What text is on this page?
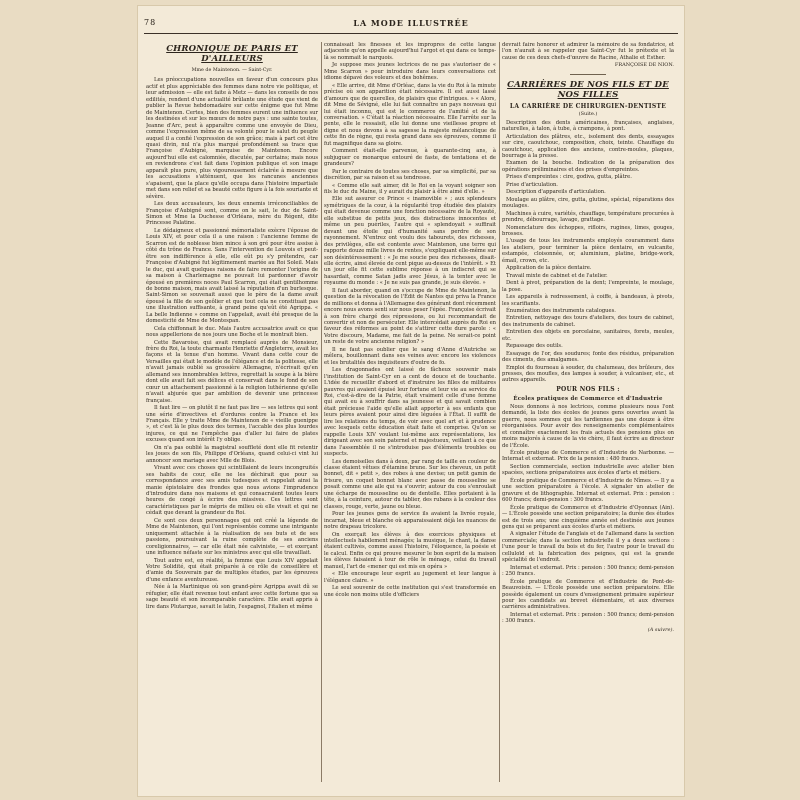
78	LA MODE ILLUSTRÉE
CHRONIQUE DE PARIS ET D'AILLEURS
Mme de Maintenon. — Saint-Cyr.

Les préoccupations nouvelles en faveur d'un concours plus actif et plus appréciable des femmes dans notre vie politique, et leur admission — elle est faite à Metz — dans les conseils de nos edilités, rendent d'une actualité brûlante une étude que vient de publier la Revue hebdomadaire sur cette énigme que fut Mme de Maintenon. Certes, bien des femmes eurent une influence sur les destinées et sur les mœurs de notre pays : une sainte toutes, Jeanne d'Arc, peut à apparaître comme une envoyée de Dieu, comme l'expression même de sa volonté pour le salut du peuple auquel il a confié l'expression de son grâce; mais à part cet être quasi divin, nul n'a plus marqué profondément sa trace que Françoise d'Aubigné, marquise de Maintenon. Encore aujourd'hui elle est calomniée, discutée, par certains; mais nous en reviendrons c'est fait dans l'opinion publique et son image apparaît plus pure, plus vigoureusement éclairée à mesure que les accusations s'atténuent, que les rancunes anciennes s'apaisent, que la place qu'elle occupa dans l'histoire impartiale met dans son relief et sa beauté cette figure à la fois souriante et sévère.

Les deux accusateurs, les deux ennemis irréconciliables de Françoise d'Aubigné sont, comme on le sait, le duc de Saint-Simon et Mme la Duchesse d'Orléans, mère du Régent, dite Princesse Palatine.

Le dédaigneux et passionné mémorialiste exècre l'épouse de Louis XIV, et pour cela il a une raison : l'ancienne femme de Scarron est de noblesse bien mince à son gré pour être assise à côté du trône de France. Sans l'intervention de Louvois et peut-être son indifférence à elle, elle eût pu s'y prétendre, car Françoise d'Aubigné fut légitimement mariée au Roi Soleil. Mais le duc, qui avait quelques raisons de faire remonter l'origine de sa maison à Charlemagne ne pouvait lui pardonner d'avoir épousé en premières noces Paul Scarron, qui était gentilhomme de bonne maison, mais avait laissé la réputation d'un burlesque. Saint-Simon se souvenait aussi que le père de la dame avait épousé la fille de son geôlier et que tout cela ne constituait pas une illustration suffisante, à grand peine qu'eût été Agrippa. « La belle Indienne » comme on l'appelait, avait été presque de la domesticité de Mme de Montespan.

Cela chiffonnait le duc. Mais l'autre accusatrice avait ce que nous appellerions de nos jours une Boche et le montrait bien.

Cette Bavaroise, qui avait remplacé auprès de Monsieur, frère du Roi, la toute charmante Henriette d'Angleterre, avait les façons et la tenue d'un homme. Vivant dans cette cour de Versailles qui était le modèle de l'élégance et de la politesse, elle n'avait jamais oublié sa grossière Allemagne, n'écrivait qu'en allemand ses innombrables lettres, regrettait la soupe à la bière dont elle avait fait ses délices et conservait dans le fond de son cœur un attachement passionné à la religion luthérienne qu'elle n'avait abjurée que par ambition de devenir une princesse française.

Il faut lire — on plutôt il ne faut pas lire — ses lettres qui sont une série d'invectives et d'ordures contre la France et les Français. Elle y traite Mme de Maintenon de « vieille guenippe », et c'est là le plus doux des termes, l'accable des plus lourdes injures, ce qui ne l'empêche pas d'aller lui faire de plates excuses quand son intérêt l'y oblige.

On n'a pas oublié la magistral souffleté dont elle fit retentir les joues de son fils, Philippe d'Orléans, quand celui-ci vint lui annoncer son mariage avec Mlle de Blois.

Vivant avec ces choses qui scintillaient de leurs incongruités ses habits de cour, elle ne les déchirait que pour sa correspondance avec ses amis tudesques et rappelait ainsi la manie épistolaire des frondes que nous avions l'imprudence d'introduire dans nos maisons et qui consacraient toutes leurs heures de congé à écrire des missives. Ces lettres sont caractéristiques par le mépris de milieu où elle vivait et qui ne cédait que devant la grandeur du Roi.

Ce sont ces deux personnages qui ont créé la légende de Mme de Maintenon, qui l'ont représentée comme une intrigante uniquement attachée à la réalisation de ses buts et de ses passions, poursuivant la ruine complète de ses anciens coreligionnaires, — car elle était née calviniste, — et exerçant une influence néfaste sur les ministres avec qui elle travaillait.

Tout autre est, en réalité, la femme que Louis XIV appelait Votre Solidité, qui était préparée à ce rôle de conseillère et d'amie du Souverain par de multiples études, par les épreuves d'une enfance aventureuse.

Née à la Martinique où son grand-père Agrippa avait dû se réfugier, elle était revenue tout enfant avec cette fortune que sa sage beauté et son incomparable caractère. Elle avait appris à lire dans Plutarque, savait le latin, l'espagnol, l'italien et même

connaissait les finesses et les impropres de cette langue adjacente qu'on appelle aujourd'hui l'argot et qui dans ce temps-là se nommait le narquois.

Je suppose mes jeunes lectrices de ne pas s'autoriser de « Mme Scarron » pour introduire dans leurs conversations cet idiome dépavé des voleurs et des bohêmes.

« Elle arrive, dit Mme d'Orléac, dans la vie du Roi à la minute précise où son apparition était nécessaire. Il est aussi lassé d'amours que de querelles, de plaisirs que d'intrigues. » « Alors, dit Mme de Sévigné, elle lui fait connaître un pays nouveau qui lui était inconnu, qui est le commerce de l'amitié et de la conversation. » C'était la réaction nécessaire. Elle l'arrête sur la pente, elle le ressaisit, elle lui donne une vieillesse propre et digne et nous devons à sa sagesse la majeste mélancolique de cette fin de règne, qui resta grand dans ses épreuves, comme il fut magnifique dans sa gloire.

Comment était-elle parvenue, à quarante-cinq ans, à subjuguer ce monarque entouré de faste, de tentations et de grandeurs?

Par le contraire de toutes ses choses, par sa simplicité, par sa discrétion, par sa raison et sa tendresse.

« Comme elle sait aimer, dit le Roi en la voyant soigner son fils le duc du Maine, il y aurait du plaisir à être aimé d'elle. »

Elle sut assurer ce Prince « inamovible » ; aux splendeurs symétriques de la cour, à la régularité trop étudiée des plaisirs qui était devenue comme une fonction nécessaire de la Royauté, elle substitue de petits jeux, des distractions innocentes et même un peu puériles, l'autre qui « splendoyait » suffirait devant une étoile qui d'humanité sans perdre de son rayonnement. N'entrez ont voulu des tabourets, des richesses, des privilèges, elle est contente avec Maintenon, une terre qui rapporte douze mille livres de rentes, s'expliquant elle-même sur son désintéressement : « Je me soucie peu des richesses, disait-elle écrire, ainsi élevée de cent pique au-dessus de l'intérêt. » Et un jour elle fit cette sublime réponse à un indiscret qui se hasardait, comme Satan jadis avec Jésus, à la tenter avec le royaume du monde : « Je ne suis pas grande, je suis élevée. »

Il faut aborder, quand on s'occupe de Mme de Maintenon, la question de la révocation de l'Édit de Nantes qui priva la France de millions et donna à l'Allemagne des générant dont récemment encore nous avons senti sur nous peser l'épée. Françoise écrivait à son frère chargé des répressions, ou lui recommandait de convertir et non de persécuter. Elle intercédait auprès du Roi en faveur des réformes au point de s'attirer cette dure parole : « Votre discours, Madame, me fait de la peine. Ne serait-ce point un reste de votre ancienne religion? »

Il ne faut pas oublier que le sang d'Anne d'Autriche se mêlera, bouillonnant dans ses veines avec encore les violences et les brutalités des inquisiteurs d'outre de fo.

Les dragonnades ont laissé de fâcheux souvenir mais l'institution de Saint-Cyr en a cent de douce et de touchante. L'idée de recueillir d'abord et d'instruire les filles de militaires pauvres qui avaient épuisé leur fortune et leur vie au service du Roi, c'est-à-dire de la Patrie, était vraiment celle d'une femme qui avait eu à souffrir dans sa jeunesse et qui savait combien était précieuse l'aide qu'elle allait apporter à ses enfants que leurs pères avaient pour ainsi dire léguées à l'État. Il suffit de lire les relations du temps, de voir avec quel art et à prudence avec lesquels cette éducation était faite et comprise. Qu'on se rappelle Louis XIV voulant lui-même aux représentations, les dirigeant avec son soin paternel et majestueux, veillant à ce que dans l'assemblée il ne s'introduise pas d'éléments troubles ou suspects.

Les demoiselles dans à deux, par rang de taille en couleur de classe étaient vêtues d'étamine brune. Sur les cheveux, un petit bonnet, dit « petit », des robes à une devise; un petit gamin de frisure, un coquet bonnet blanc avec passe de mousseline se posait comme une aile qui va s'ouvrir; autour du cou s'enroulait une écharpe de mousseline ou de dentelle. Elles portaient à la tête, à la ceinture, autour du tablier, des rubans à la couleur des classes, rouge, verte, jaune ou bleue.

Pour les jeunes gens de service ils avaient la livrée royale, incarnat, bleue et blanche où apparaissaient déjà les nuances de notre drapeau tricolore.

On exerçait les élèves à des exercices physiques et intellectuels habilement ménagés; la musique, le chant, la danse étaient cultivés, comme aussi l'histoire, l'éloquence, la poésie et le calcul. Enfin ce qui prouve mesurer le bon esprit de la maison les élèves faisaient à tour de rôle le ménage, celui du travail manuel, l'art de «mener qui est mis en opéra »

« Elle encourage leur esprit au jugement et leur langue à l'élégance claire. »

Le seul souvenir de cette institution qui s'est transformée en une école non moins utile d'officiers

devrait faire honorer et admirer la mémoire de sa fondatrice, et l'on n'aurait à se rappeler que Saint-Cyr fut le prétexte et la cause de ces deux chefs-d'œuvre de Racine, Athalie et Esther.

FRANÇOISE DE NION.
CARRIÈRES DE NOS FILS ET DE NOS FILLES
LA CARRIÈRE DE CHIRURGIEN-DENTISTE
(Suite.)

Description des dents américaines, françaises, anglaises, naturelles, à talon, à tube, à crampons, à pont.

Articulation des plâtres, etc., isolement des dents, essayages sur cire, caoutchouc, composition, choix, teinte. Chauffage du caoutchouc, application des anciens, contre-moules, plaques, bourrage à la presse.

Examen de la bouche. Indication de la préparation des opérations préliminaires et des prises d'empreintes.

Prises d'empreintes : cire, godiva, gutta, plâtre.

Prise d'articulation.

Description d'appareils d'articulation.

Moulage au plâtre, cire, gutta, glutine, spécial, réparations des moulages.

Machines à cuire, variétés, chauffage, température procurées à prendre, débourrage, lavage, grattage.

Nomenclature des échoppes, rifloirs, rugines, limes, gouges, brosses.

L'usage de tous les instruments employés couramment dans les ateliers, pour terminer la pièce dentaire, en vulcanite, estampée, cloisonnée, or, aluminium, platine, bridge-work, émail, crown, etc.

Application de la pièce dentaire.

Travail mixte de cabinet et de l'atelier.

Dent à pivot, préparation de la dent; l'empreinte, le moulage, la pose.

Les appareils à redressement, à coiffe, à bandeaux, à pivots, les scarifiants.

Énumération des instruments catalogues.

Entretien, nettoyage des tours d'ateliers, des tours de cabinet, des instruments de cabinet.

Entretien des objets en porcelaine, sanitaires, forets, meules, etc.

Repassage des outils.

Essayage de l'or, des soudures; fonte des résidus, préparation des ciments, des amalgames.

Emploi du fourneau à souder, du chalumeau, des brûleurs, des presses, des moufles, des lampes à souder, à vulcaniser, etc., et autres appareils.

POUR NOS FILS :
Écoles pratiques de Commerce et d'Industrie

Nous donnons à nos lectrices, comme plusieurs nous l'ont demandé, la liste des écoles de jeunes gens ouvertes avant la guerre, nous sommes qui les tardiennes pas une douze à être réorganisées. Pour avoir des renseignements complémentaires et connaître exactement les frais actuels des pensions plus on moins majorés à cause de la vie chère, il faut écrire au directeur de l'École.

École pratique de Commerce et d'Industrie de Narbonne. — Internat et externat. Prix de la pension : 480 francs.

Section commerciale, section industrielle avec atelier bien spacées, sections préparatoires aux écoles d'arts et métiers.

École pratique de Commerce et d'Industrie de Nîmes. — Il y a une section préparatoire à l'école. A signaler un atelier de gravure et de lithographie. Internat et externat. Prix : pension : 600 francs; demi-pension : 300 francs.

École pratique de Commerce et d'Industrie d'Oyonnax (Ain). — L'École possède une section préparatoire; la durée des études est de trois ans; une cinquième année est destinée aux jeunes gens qui se préparent aux écoles d'arts et métiers.

A signaler l'étude de l'anglais et de l'allemand dans la section commerciale; dans la section industrielle il y a deux sections : l'une pour le travail du bois et du fer, l'autre pour le travail du celluloïd et la fabrication des peignes, qui est la grande spécialité de l'endroit.

Internat et externat. Prix : pension : 500 francs; demi-pension : 250 francs.

École pratique de Commerce et d'Industrie de Pont-de-Beauvoisin. — L'École possède une section préparatoire. Elle possède également un cours d'enseignement primaire supérieur pour les candidats au brevet élémentaire, et aux diverses carrières administratives.

Internat et externat. Prix : pension : 500 francs; demi-pension : 300 francs.

(A suivre).
